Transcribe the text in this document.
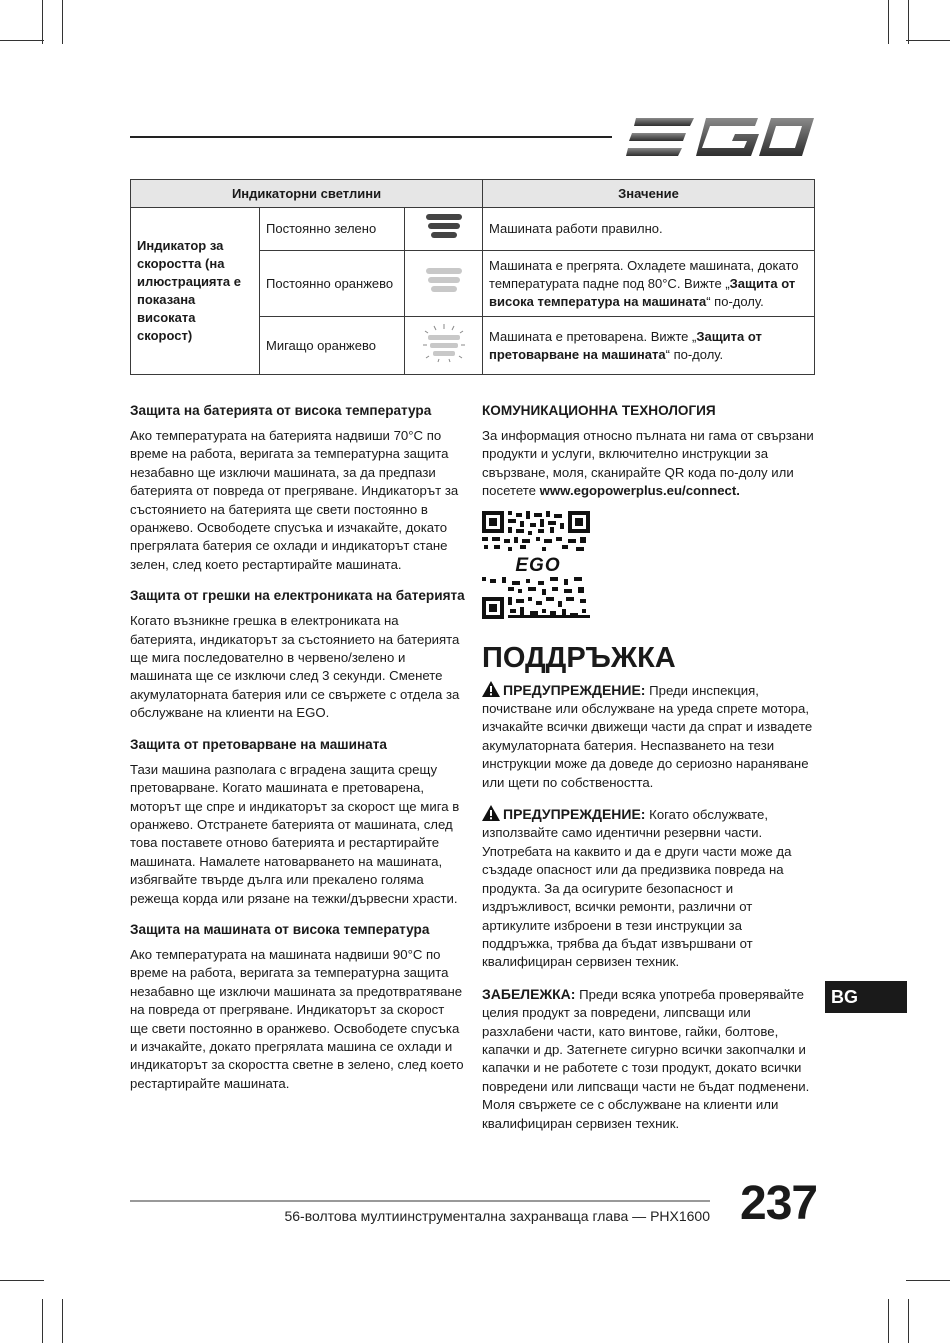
Индикаторни светлини			Значение
Индикатор за скоростта (на илюстрацията е показана високата скорост)	Постоянно зелено		Машината работи правилно.
	Постоянно оранжево		Машината е прегрята. Охладете машината, докато температурата падне под 80°C. Вижте „Защита от висока температура на машината“ по-долу.
	Мигащо оранжево		Машината е претоварена. Вижте „Защита от претоварване на машината“ по-долу.
Защита на батерията от висока температура

Ако температурата на батерията надвиши 70°C по време на работа, веригата за температурна защита незабавно ще изключи машината, за да предпази батерията от повреда от прегряване. Индикаторът за състоянието на батерията ще свети постоянно в оранжево. Освободете спусъка и изчакайте, докато прегрялата батерия се охлади и индикаторът стане зелен, след което рестартирайте машината.

Защита от грешки на електрониката на батерията

Когато възникне грешка в електрониката на батерията, индикаторът за състоянието на батерията ще мига последователно в червено/зелено и машината ще се изключи след 3 секунди. Сменете акумулаторната батерия или се свържете с отдела за обслужване на клиенти на EGO.

Защита от претоварване на машината

Тази машина разполага с вградена защита срещу претоварване. Когато машината е претоварена, моторът ще спре и индикаторът за скорост ще мига в оранжево. Отстранете батерията от машината, след това поставете отново батерията и рестартирайте машината. Намалете натоварването на машината, избягвайте твърде дълга или прекалено голяма режеща корда или рязане на тежки/дървесни храсти.

Защита на машината от висока температура

Ако температурата на машината надвиши 90°C по време на работа, веригата за температурна защита незабавно ще изключи машината за предотвратяване на повреда от прегряване. Индикаторът за скорост ще свети постоянно в оранжево. Освободете спусъка и изчакайте, докато прегрялата машина се охлади и индикаторът за скоростта светне в зелено, след което рестартирайте машината.

КОМУНИКАЦИОННА ТЕХНОЛОГИЯ

За информация относно пълната ни гама от свързани продукти и услуги, включително инструкции за свързване, моля, сканирайте QR кода по-долу или посетете www.egopowerplus.eu/connect.

EGO
ПОДДРЪЖКА

ПРЕДУПРЕЖДЕНИЕ: Преди инспекция, почистване или обслужване на уреда спрете мотора, изчакайте всички движещи части да спрат и извадете акумулаторната батерия. Неспазването на тези инструкции може да доведе до сериозно нараняване или щети по собствеността.

ПРЕДУПРЕЖДЕНИЕ: Когато обслужвате, използвайте само идентични резервни части. Употребата на каквито и да е други части може да създаде опасност или да предизвика повреда на продукта. За да осигурите безопасност и издръжливост, всички ремонти, различни от артикулите изброени в тези инструкции за поддръжка, трябва да бъдат извършвани от квалифициран сервизен техник.

ЗАБЕЛЕЖКА: Преди всяка употреба проверявайте целия продукт за повредени, липсващи или разхлабени части, като винтове, гайки, болтове, капачки и др. Затегнете сигурно всички закопчалки и капачки и не работете с този продукт, докато всички повредени или липсващи части не бъдат подменени. Моля свържете се с обслужване на клиенти или квалифициран сервизен техник.

BG
56-волтова мултиинструментална захранваща глава — PHX1600 237
